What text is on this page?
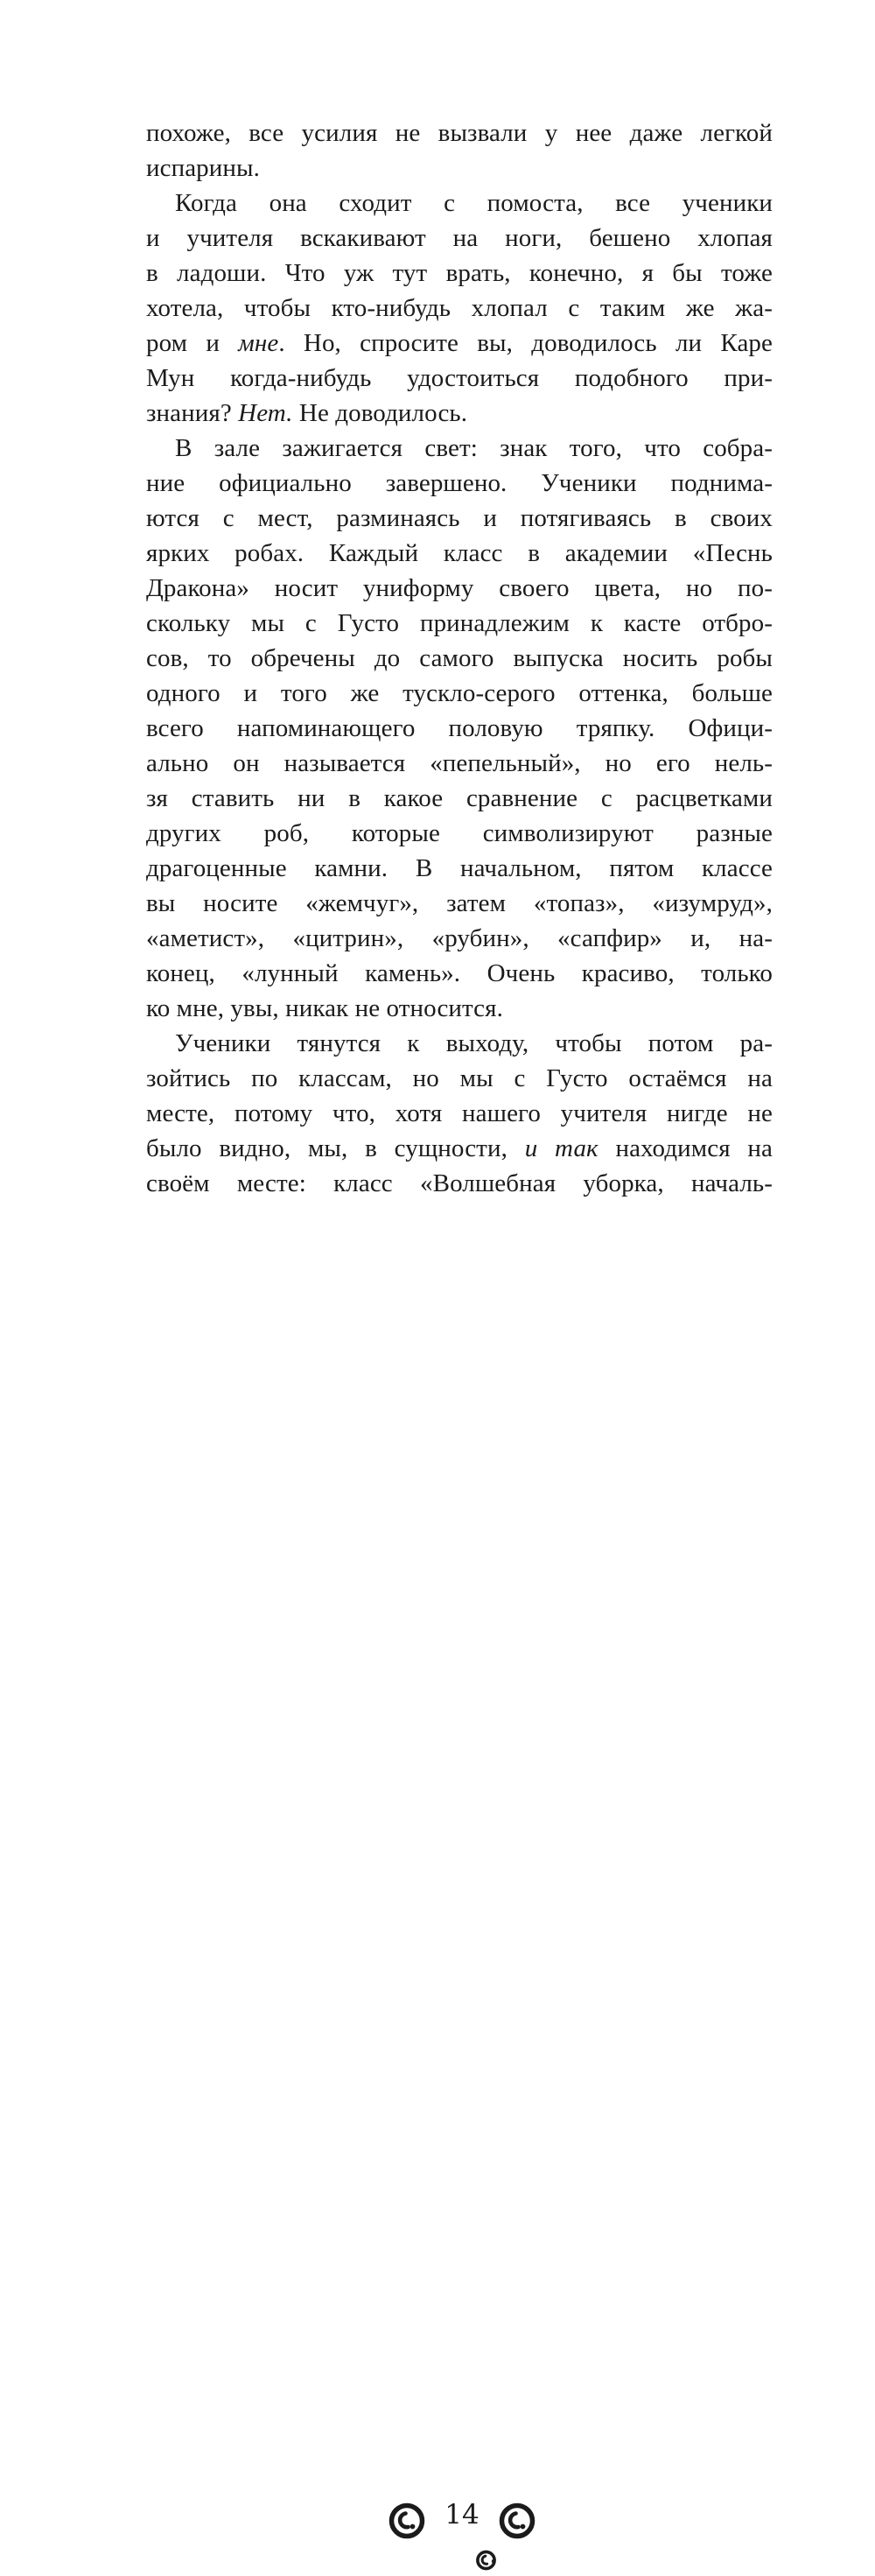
похоже, все усилия не вызвали у нее даже легкой
испарины.
Когда она сходит с помоста, все ученики
и учителя вскакивают на ноги, бешено хлопая
в ладоши. Что уж тут врать, конечно, я бы тоже
хотела, чтобы кто-нибудь хлопал с таким же жа-
ром и мне. Но, спросите вы, доводилось ли Каре
Мун когда-нибудь удостоиться подобного при-
знания? Нет. Не доводилось.
В зале зажигается свет: знак того, что собра-
ние официально завершено. Ученики поднима-
ются с мест, разминаясь и потягиваясь в своих
ярких робах. Каждый класс в академии «Песнь
Дракона» носит униформу своего цвета, но по-
скольку мы с Густо принадлежим к касте отбро-
сов, то обречены до самого выпуска носить робы
одного и того же тускло-серого оттенка, больше
всего напоминающего половую тряпку. Офици-
ально он называется «пепельный», но его нель-
зя ставить ни в какое сравнение с расцветками
других роб, которые символизируют разные
драгоценные камни. В начальном, пятом классе
вы носите «жемчуг», затем «топаз», «изумруд»,
«аметист», «цитрин», «рубин», «сапфир» и, на-
конец, «лунный камень». Очень красиво, только
ко мне, увы, никак не относится.
Ученики тянутся к выходу, чтобы потом ра-
зойтись по классам, но мы с Густо остаёмся на
месте, потому что, хотя нашего учителя нигде не
было видно, мы, в сущности, и так находимся на
своём месте: класс «Волшебная уборка, началь-
14
